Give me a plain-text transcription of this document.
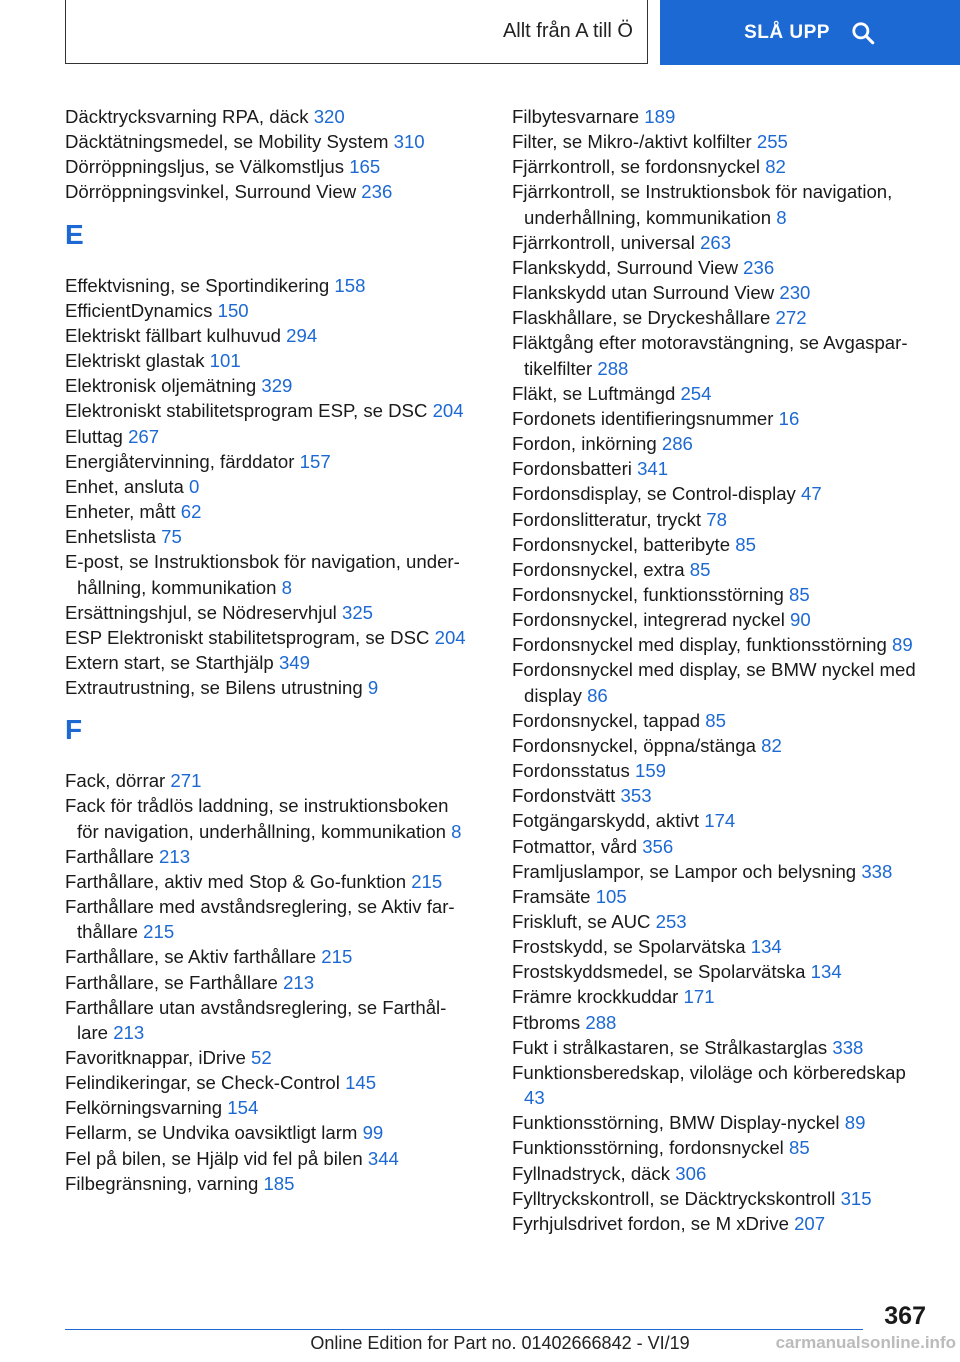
Allt från A till Ö	SLÅ UPP
Däcktrycksvarning RPA, däck 320
Däcktätningsmedel, se Mobility System 310
Dörröppningsljus, se Välkomstljus 165
Dörröppningsvinkel, Surround View 236
E
Effektvisning, se Sportindikering 158
EfficientDynamics 150
Elektriskt fällbart kulhuvud 294
Elektriskt glastak 101
Elektronisk oljemätning 329
Elektroniskt stabilitetsprogram ESP, se DSC 204
Eluttag 267
Energiåtervinning, färddator 157
Enhet, ansluta 0
Enheter, mått 62
Enhetslista 75
E-post, se Instruktionsbok för navigation, underhållning, kommunikation 8
Ersättningshjul, se Nödreservhjul 325
ESP Elektroniskt stabilitetsprogram, se DSC 204
Extern start, se Starthjälp 349
Extrautrustning, se Bilens utrustning 9
F
Fack, dörrar 271
Fack för trådlös laddning, se instruktionsboken för navigation, underhållning, kommunikation 8
Farthållare 213
Farthållare, aktiv med Stop & Go-funktion 215
Farthållare med avståndsreglering, se Aktiv farthållare 215
Farthållare, se Aktiv farthållare 215
Farthållare, se Farthållare 213
Farthållare utan avståndsreglering, se Farthållare 213
Favoritknappar, iDrive 52
Felindikeringar, se Check-Control 145
Felkörningsvarning 154
Fellarm, se Undvika oavsiktligt larm 99
Fel på bilen, se Hjälp vid fel på bilen 344
Filbegränsning, varning 185
Filbytesvarnare 189
Filter, se Mikro-/aktivt kolfilter 255
Fjärrkontroll, se fordonsnyckel 82
Fjärrkontroll, se Instruktionsbok för navigation, underhållning, kommunikation 8
Fjärrkontroll, universal 263
Flankskydd, Surround View 236
Flankskydd utan Surround View 230
Flaskhållare, se Dryckeshållare 272
Fläktgång efter motoravstängning, se Avgaspartikelfilter 288
Fläkt, se Luftmängd 254
Fordonets identifieringsnummer 16
Fordon, inkörning 286
Fordonsbatteri 341
Fordonsdisplay, se Control-display 47
Fordonslitteratur, tryckt 78
Fordonsnyckel, batteribyte 85
Fordonsnyckel, extra 85
Fordonsnyckel, funktionsstörning 85
Fordonsnyckel, integrerad nyckel 90
Fordonsnyckel med display, funktionsstörning 89
Fordonsnyckel med display, se BMW nyckel med display 86
Fordonsnyckel, tappad 85
Fordonsnyckel, öppna/stänga 82
Fordonsstatus 159
Fordonstvätt 353
Fotgängarskydd, aktivt 174
Fotmattor, vård 356
Framljuslampor, se Lampor och belysning 338
Framsäte 105
Friskluft, se AUC 253
Frostskydd, se Spolarvätska 134
Frostskyddsmedel, se Spolarvätska 134
Främre krockkuddar 171
Ftbroms 288
Fukt i strålkastaren, se Strålkastarglas 338
Funktionsberedskap, viloläge och körberedskap 43
Funktionsstörning, BMW Display-nyckel 89
Funktionsstörning, fordonsnyckel 85
Fyllnadstryck, däck 306
Fylltryckskontroll, se Däcktryckskontroll 315
Fyrhjulsdrivet fordon, se M xDrive 207
367
Online Edition for Part no. 01402666842 - VI/19	carmanualsonline.info
